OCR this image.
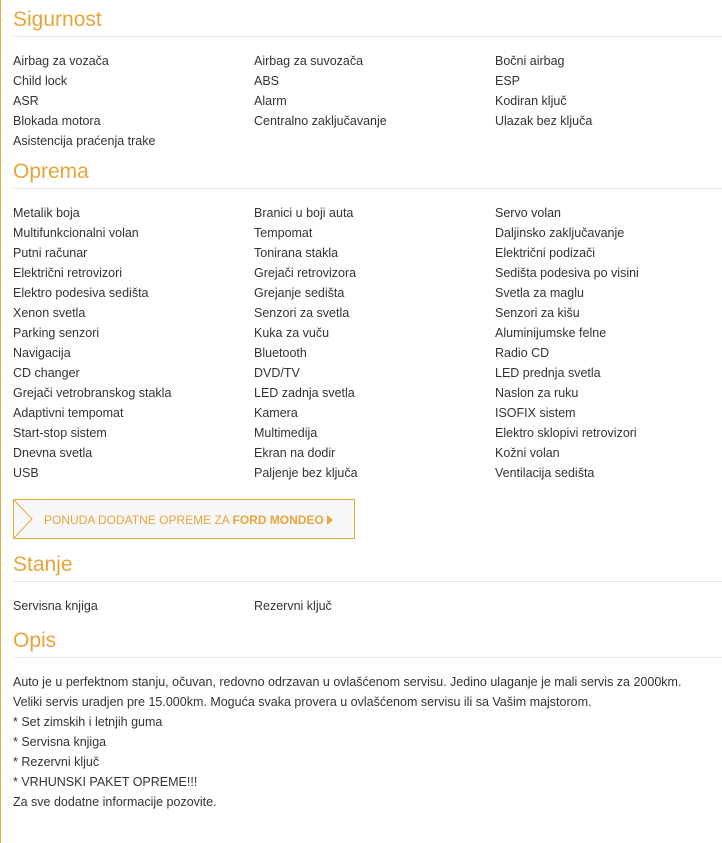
Sigurnost
Airbag za vozača	Airbag za suvozača	Bočni airbag
Child lock	ABS	ESP
ASR	Alarm	Kodiran ključ
Blokada motora	Centralno zaključavanje	Ulazak bez ključa
Asistencija praćenja trake
Oprema
Metalik boja	Branici u boji auta	Servo volan
Multifunkcionalni volan	Tempomat	Daljinsko zaključavanje
Putni računar	Tonirana stakla	Električni podizači
Električni retrovizori	Grejači retrovizora	Sedišta podesiva po visini
Elektro podesiva sedišta	Grejanje sedišta	Svetla za maglu
Xenon svetla	Senzori za svetla	Senzori za kišu
Parking senzori	Kuka za vuču	Aluminijumske felne
Navigacija	Bluetooth	Radio CD
CD changer	DVD/TV	LED prednja svetla
Grejači vetrobranskog stakla	LED zadnja svetla	Naslon za ruku
Adaptivni tempomat	Kamera	ISOFIX sistem
Start-stop sistem	Multimedija	Elektro sklopivi retrovizori
Dnevna svetla	Ekran na dodir	Kožni volan
USB	Paljenje bez ključa	Ventilacija sedišta
PONUDA DODATNE OPREME ZA FORD MONDEO
Stanje
Servisna knjiga	Rezervni ključ
Opis
Auto je u perfektnom stanju, očuvan, redovno odrzavan u ovlašćenom servisu. Jedino ulaganje je mali servis za 2000km.
Veliki servis uradjen pre 15.000km. Moguća svaka provera u ovlašćenom servisu ili sa Vašim majstorom.
* Set zimskih i letnjih guma
* Servisna knjiga
* Rezervni ključ
* VRHUNSKI PAKET OPREME!!!
Za sve dodatne informacije pozovite.
